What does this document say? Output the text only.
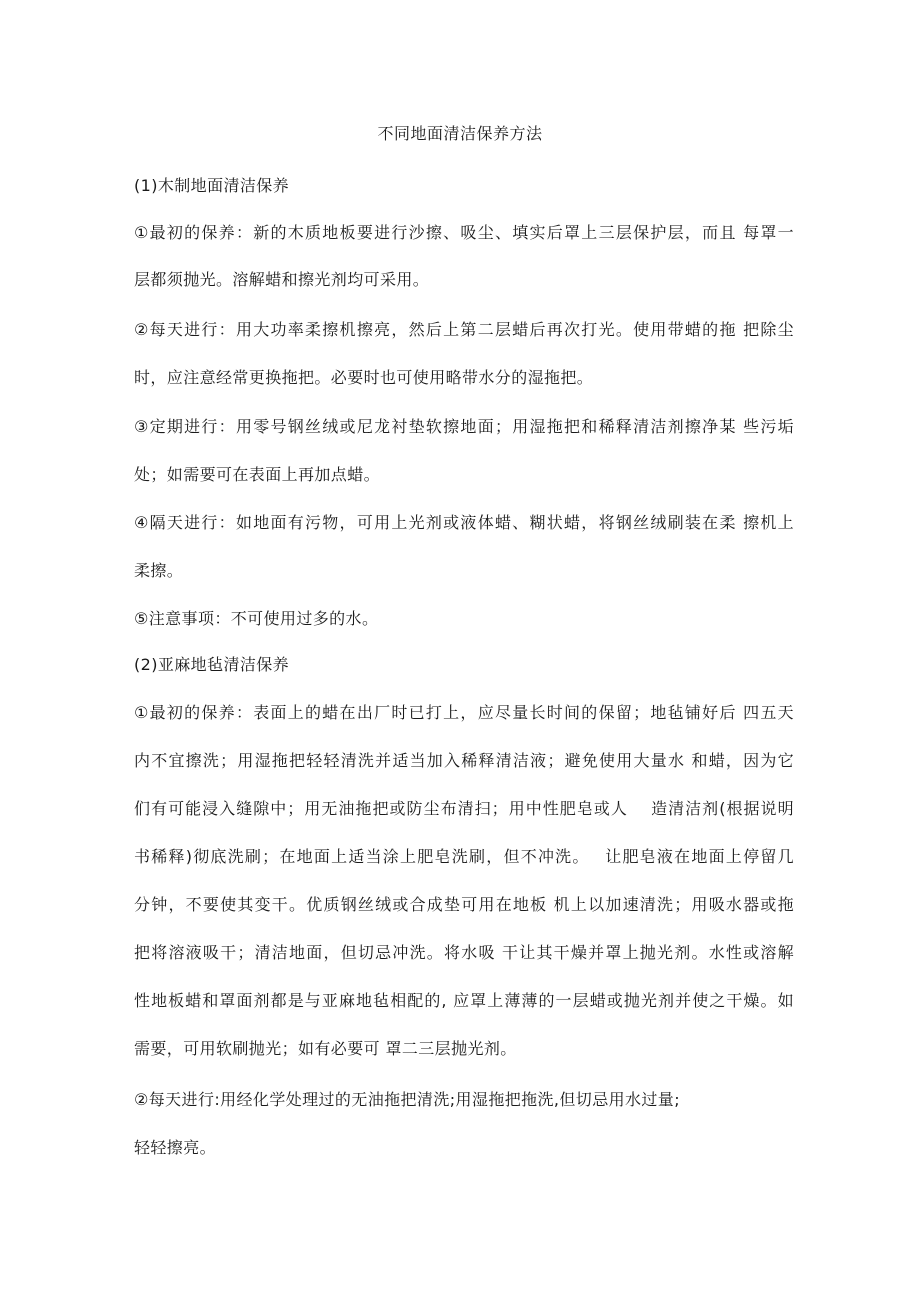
不同地面清洁保养方法
(1)木制地面清洁保养
①最初的保养：新的木质地板要进行沙擦、吸尘、填实后罩上三层保护层，而且 每罩一
层都须抛光。溶解蜡和擦光剂均可采用。
②每天进行：用大功率柔擦机擦亮，然后上第二层蜡后再次打光。使用带蜡的拖 把除尘
时，应注意经常更换拖把。必要时也可使用略带水分的湿拖把。
③定期进行：用零号钢丝绒或尼龙衬垫软擦地面；用湿拖把和稀释清洁剂擦净某 些污垢
处；如需要可在表面上再加点蜡。
④隔天进行：如地面有污物，可用上光剂或液体蜡、糊状蜡，将钢丝绒刷装在柔 擦机上
柔擦。
⑤注意事项：不可使用过多的水。
(2)亚麻地毡清洁保养
①最初的保养：表面上的蜡在出厂时已打上，应尽量长时间的保留；地毡铺好后 四五天
内不宜擦洗；用湿拖把轻轻清洗并适当加入稀释清洁液；避免使用大量水 和蜡，因为它
们有可能浸入缝隙中；用无油拖把或防尘布清扫；用中性肥皂或人　 造清洁剂(根据说明
书稀释)彻底洗刷；在地面上适当涂上肥皂洗刷，但不冲洗。　 让肥皂液在地面上停留几
分钟，不要使其变干。优质钢丝绒或合成垫可用在地板 机上以加速清洗；用吸水器或拖
把将溶液吸干；清洁地面，但切忌冲洗。将水吸 干让其干燥并罩上抛光剂。水性或溶解
性地板蜡和罩面剂都是与亚麻地毡相配的, 应罩上薄薄的一层蜡或抛光剂并使之干燥。如
需要，可用软刷抛光；如有必要可 罩二三层抛光剂。
②每天进行:用经化学处理过的无油拖把清洗;用湿拖把拖洗,但切忌用水过量;
轻轻擦亮。
